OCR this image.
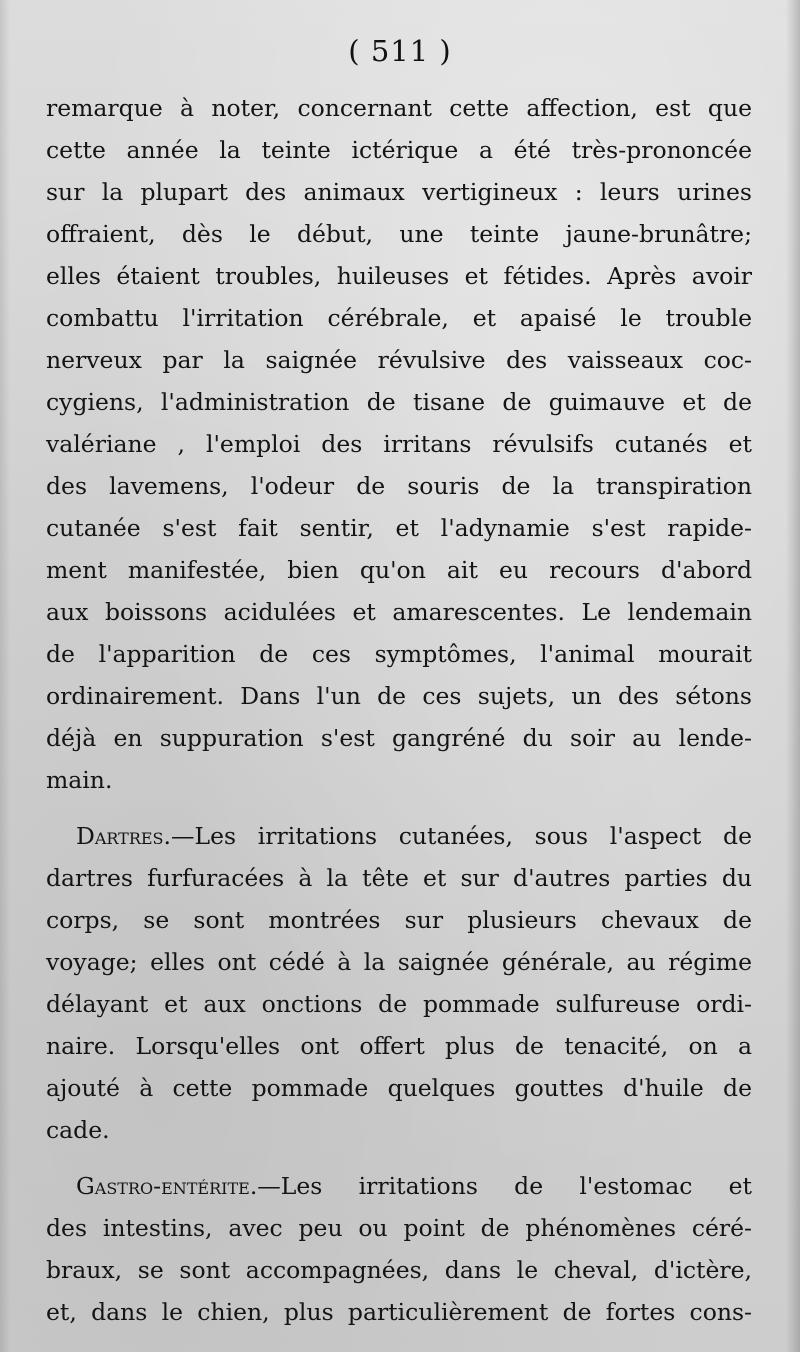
( 511 )
remarque à noter, concernant cette affection, est que
cette année la teinte ictérique a été très-prononcée
sur la plupart des animaux vertigineux : leurs urines
offraient, dès le début, une teinte jaune-brunâtre;
elles étaient troubles, huileuses et fétides. Après avoir
combattu l'irritation cérébrale, et apaisé le trouble
nerveux par la saignée révulsive des vaisseaux coc-
cygiens, l'administration de tisane de guimauve et de
valériane , l'emploi des irritans révulsifs cutanés et
des lavemens, l'odeur de souris de la transpiration
cutanée s'est fait sentir, et l'adynamie s'est rapide-
ment manifestée, bien qu'on ait eu recours d'abord
aux boissons acidulées et amarescentes. Le lendemain
de l'apparition de ces symptômes, l'animal mourait
ordinairement. Dans l'un de ces sujets, un des sétons
déjà en suppuration s'est gangréné du soir au lende-
main.
Dartres.—Les irritations cutanées, sous l'aspect de
dartres furfuracées à la tête et sur d'autres parties du
corps, se sont montrées sur plusieurs chevaux de
voyage; elles ont cédé à la saignée générale, au régime
délayant et aux onctions de pommade sulfureuse ordi-
naire. Lorsqu'elles ont offert plus de tenacité, on a
ajouté à cette pommade quelques gouttes d'huile de
cade.
Gastro-entérite.—Les irritations de l'estomac et
des intestins, avec peu ou point de phénomènes céré-
braux, se sont accompagnées, dans le cheval, d'ictère,
et, dans le chien, plus particulièrement de fortes cons-
